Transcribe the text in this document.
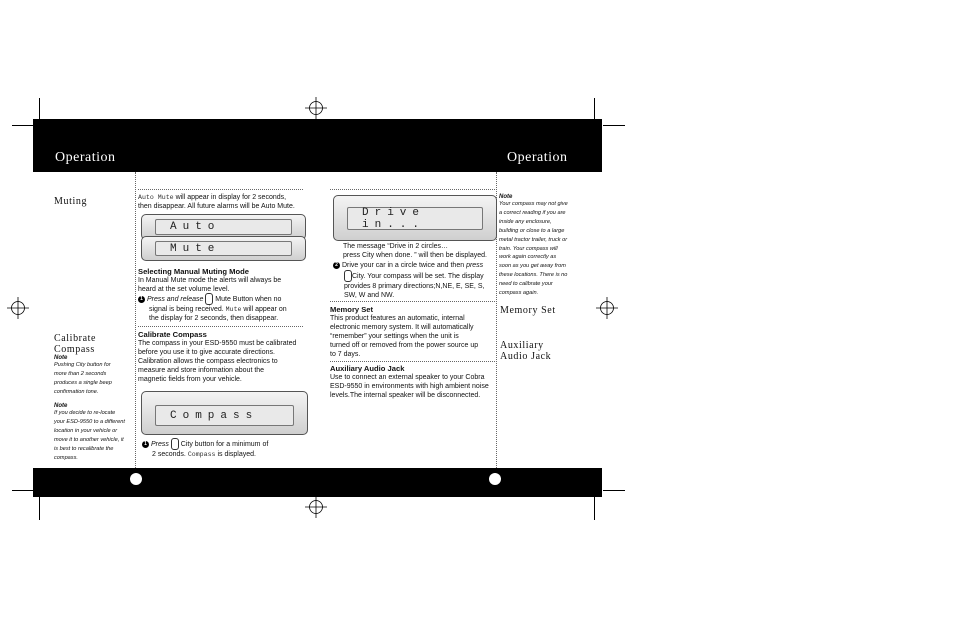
Operation	Operation
Muting
Calibrate
Compass
Note
Pushing City button for
more than 2 seconds
produces a single beep
confirmation tone.
Note
If you decide to re-locate
your ESD-9550 to a different
location in your vehicle or
move it to another vehicle, it
is best to recalibrate the
compass.
Auto Mute will appear in display for 2 seconds,
then disappear. All future alarms will be Auto Mute.
Auto
Mute
Selecting Manual Muting Mode
In Manual Mute mode the alerts will always be
heard at the set volume level.
1 Press and release  Mute Button when no
signal is being received. Mute will appear on
the display for 2 seconds, then disappear.
Calibrate Compass
The compass in your ESD-9550 must be calibrated
before you use it to give accurate directions.
Calibration allows the compass electronics to
measure and store information about the
magnetic fields from your vehicle.
Compass
1 Press  City button for a minimum of
2 seconds. Compass is displayed.
Drive in...
The message “Drive in 2 circles…
press City when done. ” will then be displayed.
2 Drive your car in a circle twice and then press
City. Your compass will be set. The display
provides 8 primary directions;N,NE, E, SE, S,
SW, W and NW.
Memory Set
This product features an automatic, internal
electronic memory system. It will automatically
“remember” your settings when the unit is
turned off or removed from the power source up
to 7 days.
Auxiliary Audio Jack
Use to connect an external speaker to your Cobra
ESD-9550 in environments with high ambient noise
levels.The internal speaker will be disconnected.
Note
Your compass may not give
a correct reading if you are
inside any enclosure,
building or close to a large
metal tractor trailer, truck or
train. Your compass will
work again correctly as
soon as you get away from
these locations. There is no
need to calibrate your
compass again.
Memory Set
Auxiliary
Audio Jack
